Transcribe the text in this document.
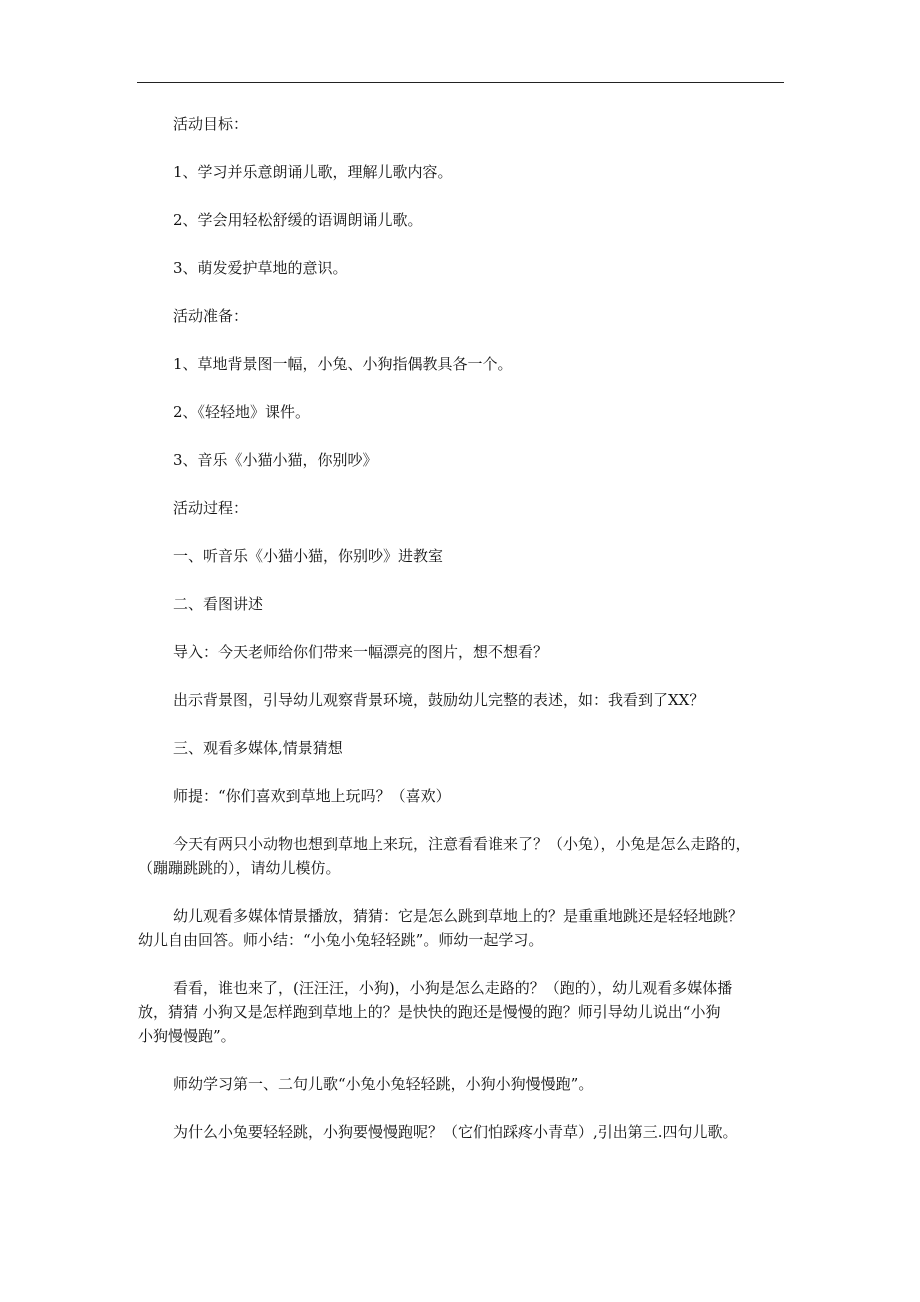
活动目标：
1、学习并乐意朗诵儿歌，理解儿歌内容。
2、学会用轻松舒缓的语调朗诵儿歌。
3、萌发爱护草地的意识。
活动准备：
1、草地背景图一幅，小兔、小狗指偶教具各一个。
2、《轻轻地》课件。
3、音乐《小猫小猫，你别吵》
活动过程：
一、听音乐《小猫小猫，你别吵》进教室
二、看图讲述
导入：今天老师给你们带来一幅漂亮的图片，想不想看？
出示背景图，引导幼儿观察背景环境，鼓励幼儿完整的表述，如：我看到了XX？
三、观看多媒体,情景猜想
师提：“你们喜欢到草地上玩吗？（喜欢）
今天有两只小动物也想到草地上来玩，注意看看谁来了？（小兔），小兔是怎么走路的，
（蹦蹦跳跳的），请幼儿模仿。
幼儿观看多媒体情景播放，猜猜：它是怎么跳到草地上的？是重重地跳还是轻轻地跳？
幼儿自由回答。师小结：“小兔小兔轻轻跳”。师幼一起学习。
看看，谁也来了，(汪汪汪，小狗)，小狗是怎么走路的？（跑的），幼儿观看多媒体播
放，猜猜 小狗又是怎样跑到草地上的？是快快的跑还是慢慢的跑？师引导幼儿说出“小狗
小狗慢慢跑”。
师幼学习第一、二句儿歌“小兔小兔轻轻跳，小狗小狗慢慢跑”。
为什么小兔要轻轻跳，小狗要慢慢跑呢？（它们怕踩疼小青草）,引出第三.四句儿歌。
